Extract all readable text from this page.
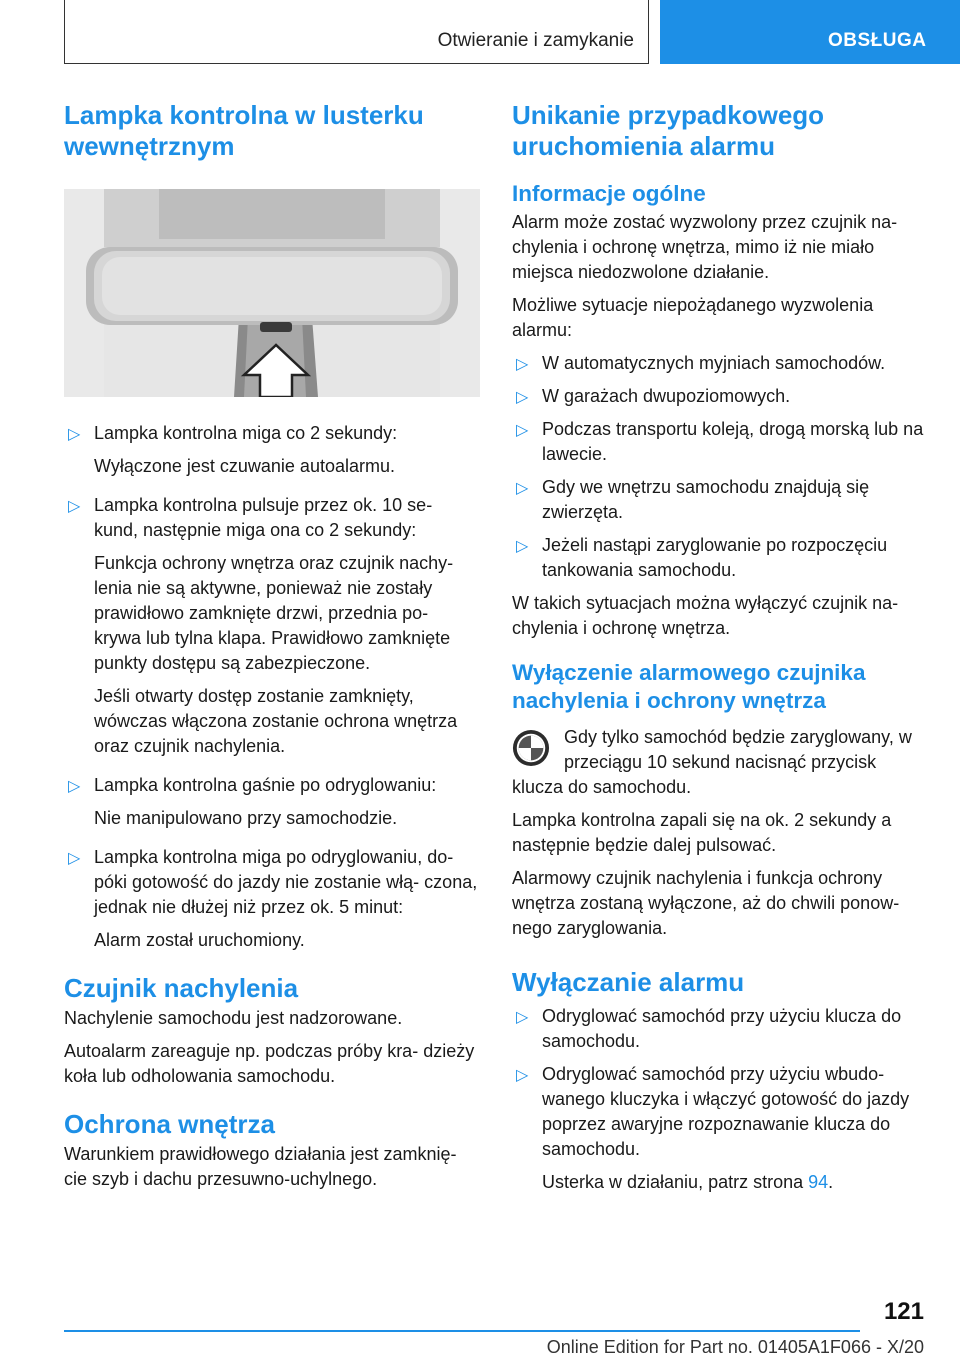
Otwieranie i zamykanie	OBSŁUGA
Lampka kontrolna w lusterku wewnętrznym
▷ Lampka kontrolna miga co 2 sekundy:
Wyłączone jest czuwanie autoalarmu.
▷ Lampka kontrolna pulsuje przez ok. 10 se- kund, następnie miga ona co 2 sekundy:
Funkcja ochrony wnętrza oraz czujnik nachy- lenia nie są aktywne, ponieważ nie zostały prawidłowo zamknięte drzwi, przednia po- krywa lub tylna klapa. Prawidłowo zamknięte punkty dostępu są zabezpieczone.
Jeśli otwarty dostęp zostanie zamknięty, wówczas włączona zostanie ochrona wnętrza oraz czujnik nachylenia.
▷ Lampka kontrolna gaśnie po odryglowaniu:
Nie manipulowano przy samochodzie.
▷ Lampka kontrolna miga po odryglowaniu, do- póki gotowość do jazdy nie zostanie włą- czona, jednak nie dłużej niż przez ok. 5 minut:
Alarm został uruchomiony.
Czujnik nachylenia

Nachylenie samochodu jest nadzorowane.

Autoalarm zareaguje np. podczas próby kra- dzieży koła lub odholowania samochodu.

Ochrona wnętrza

Warunkiem prawidłowego działania jest zamknię- cie szyb i dachu przesuwno-uchylnego.

Unikanie przypadkowego uruchomienia alarmu
Informacje ogólne

Alarm może zostać wyzwolony przez czujnik na- chylenia i ochronę wnętrza, mimo iż nie miało miejsca niedozwolone działanie.

Możliwe sytuacje niepożądanego wyzwolenia alarmu:

▷ W automatycznych myjniach samochodów.
▷ W garażach dwupoziomowych.
▷ Podczas transportu koleją, drogą morską lub na lawecie.
▷ Gdy we wnętrzu samochodu znajdują się zwierzęta.
▷ Jeżeli nastąpi zaryglowanie po rozpoczęciu tankowania samochodu.

W takich sytuacjach można wyłączyć czujnik na- chylenia i ochronę wnętrza.

Wyłączenie alarmowego czujnika nachylenia i ochrony wnętrza

Gdy tylko samochód będzie zaryglowany, w przeciągu 10 sekund nacisnąć przycisk klucza do samochodu.

Lampka kontrolna zapali się na ok. 2 sekundy a następnie będzie dalej pulsować.

Alarmowy czujnik nachylenia i funkcja ochrony wnętrza zostaną wyłączone, aż do chwili ponow- nego zaryglowania.

Wyłączanie alarmu
▷ Odryglować samochód przy użyciu klucza do samochodu.
▷ Odryglować samochód przy użyciu wbudo- wanego kluczyka i włączyć gotowość do jazdy poprzez awaryjne rozpoznawanie klucza do samochodu.
Usterka w działaniu, patrz strona 94.
121
Online Edition for Part no. 01405A1F066 - X/20
